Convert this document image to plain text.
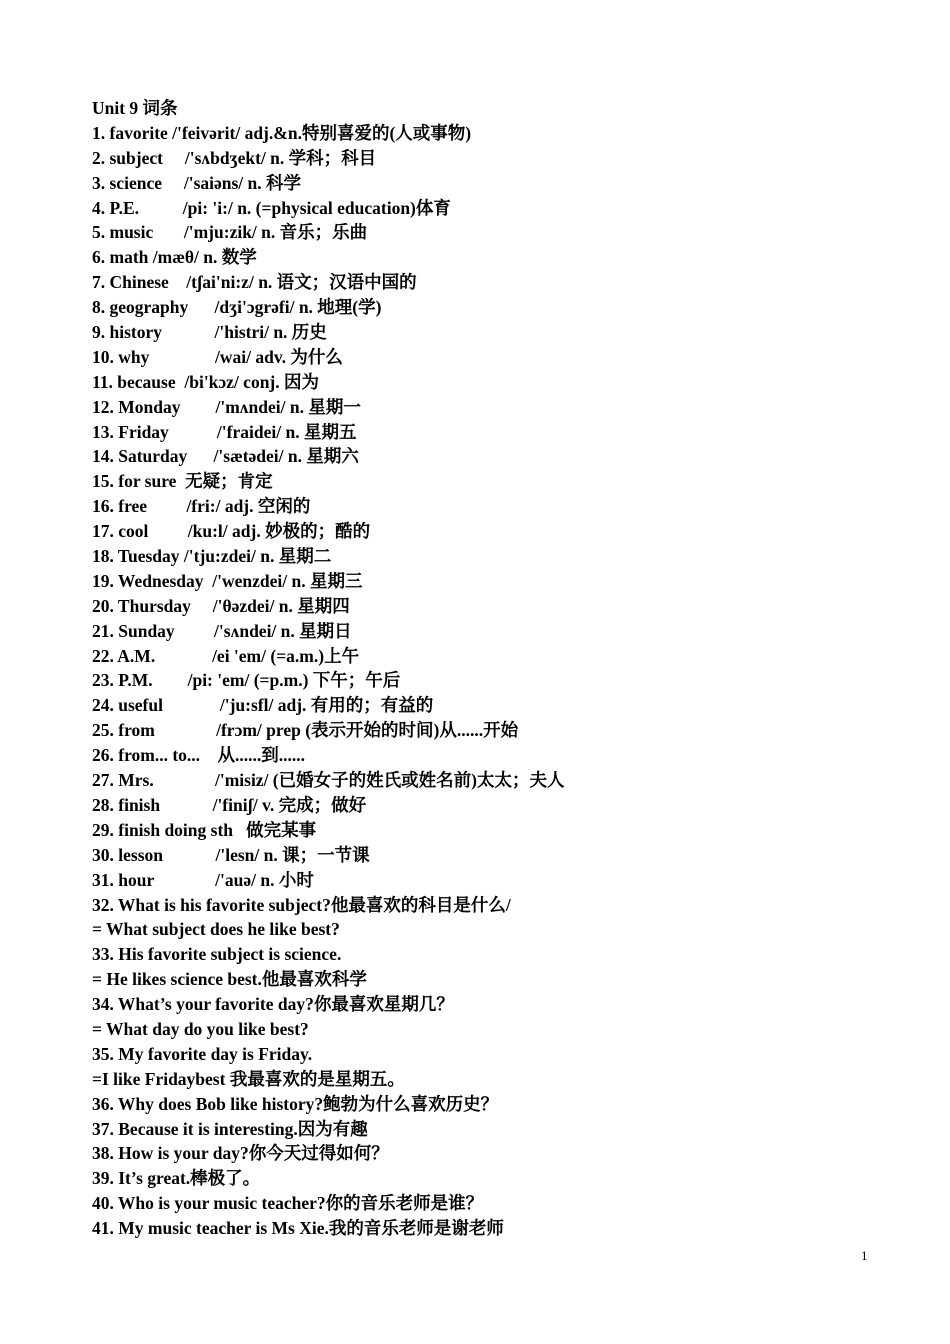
Unit 9 词条
1. favorite /'feivərit/ adj.&n.特别喜爱的(人或事物)
2. subject     /'sʌbdʒekt/ n. 学科；科目
3. science     /'saiəns/ n. 科学
4. P.E.          /pi: 'i:/ n. (=physical education)体育
5. music       /'mju:zik/ n. 音乐；乐曲
6. math /mæθ/ n. 数学
7. Chinese    /tʃai'ni:z/ n. 语文；汉语中国的
8. geography      /dʒi'ɔgrəfi/ n. 地理(学)
9. history            /'histri/ n. 历史
10. why               /wai/ adv. 为什么
11. because  /bi'kɔz/ conj. 因为
12. Monday        /'mʌndei/ n. 星期一
13. Friday           /'fraidei/ n. 星期五
14. Saturday      /'sætədei/ n. 星期六
15. for sure  无疑；肯定
16. free         /fri:/ adj. 空闲的
17. cool         /ku:l/ adj. 妙极的；酷的
18. Tuesday /'tju:zdei/ n. 星期二
19. Wednesday  /'wenzdei/ n. 星期三
20. Thursday     /'θəzdei/ n. 星期四
21. Sunday         /'sʌndei/ n. 星期日
22. A.M.             /ei 'em/ (=a.m.)上午
23. P.M.        /pi: 'em/ (=p.m.) 下午；午后
24. useful             /'ju:sfl/ adj. 有用的；有益的
25. from              /frɔm/ prep (表示开始的时间)从......开始
26. from... to...    从......到......
27. Mrs.              /'misiz/ (已婚女子的姓氏或姓名前)太太；夫人
28. finish            /'finiʃ/ v. 完成；做好
29. finish doing sth   做完某事
30. lesson            /'lesn/ n. 课；一节课
31. hour              /'auə/ n. 小时
32. What is his favorite subject?他最喜欢的科目是什么/
= What subject does he like best?
33. His favorite subject is science.
= He likes science best.他最喜欢科学
34. What’s your favorite day?你最喜欢星期几？
= What day do you like best?
35. My favorite day is Friday.
=I like Fridaybest 我最喜欢的是星期五。
36. Why does Bob like history?鲍勃为什么喜欢历史？
37. Because it is interesting.因为有趣
38. How is your day?你今天过得如何？
39. It’s great.棒极了。
40. Who is your music teacher?你的音乐老师是谁？
41. My music teacher is Ms Xie.我的音乐老师是谢老师
1
